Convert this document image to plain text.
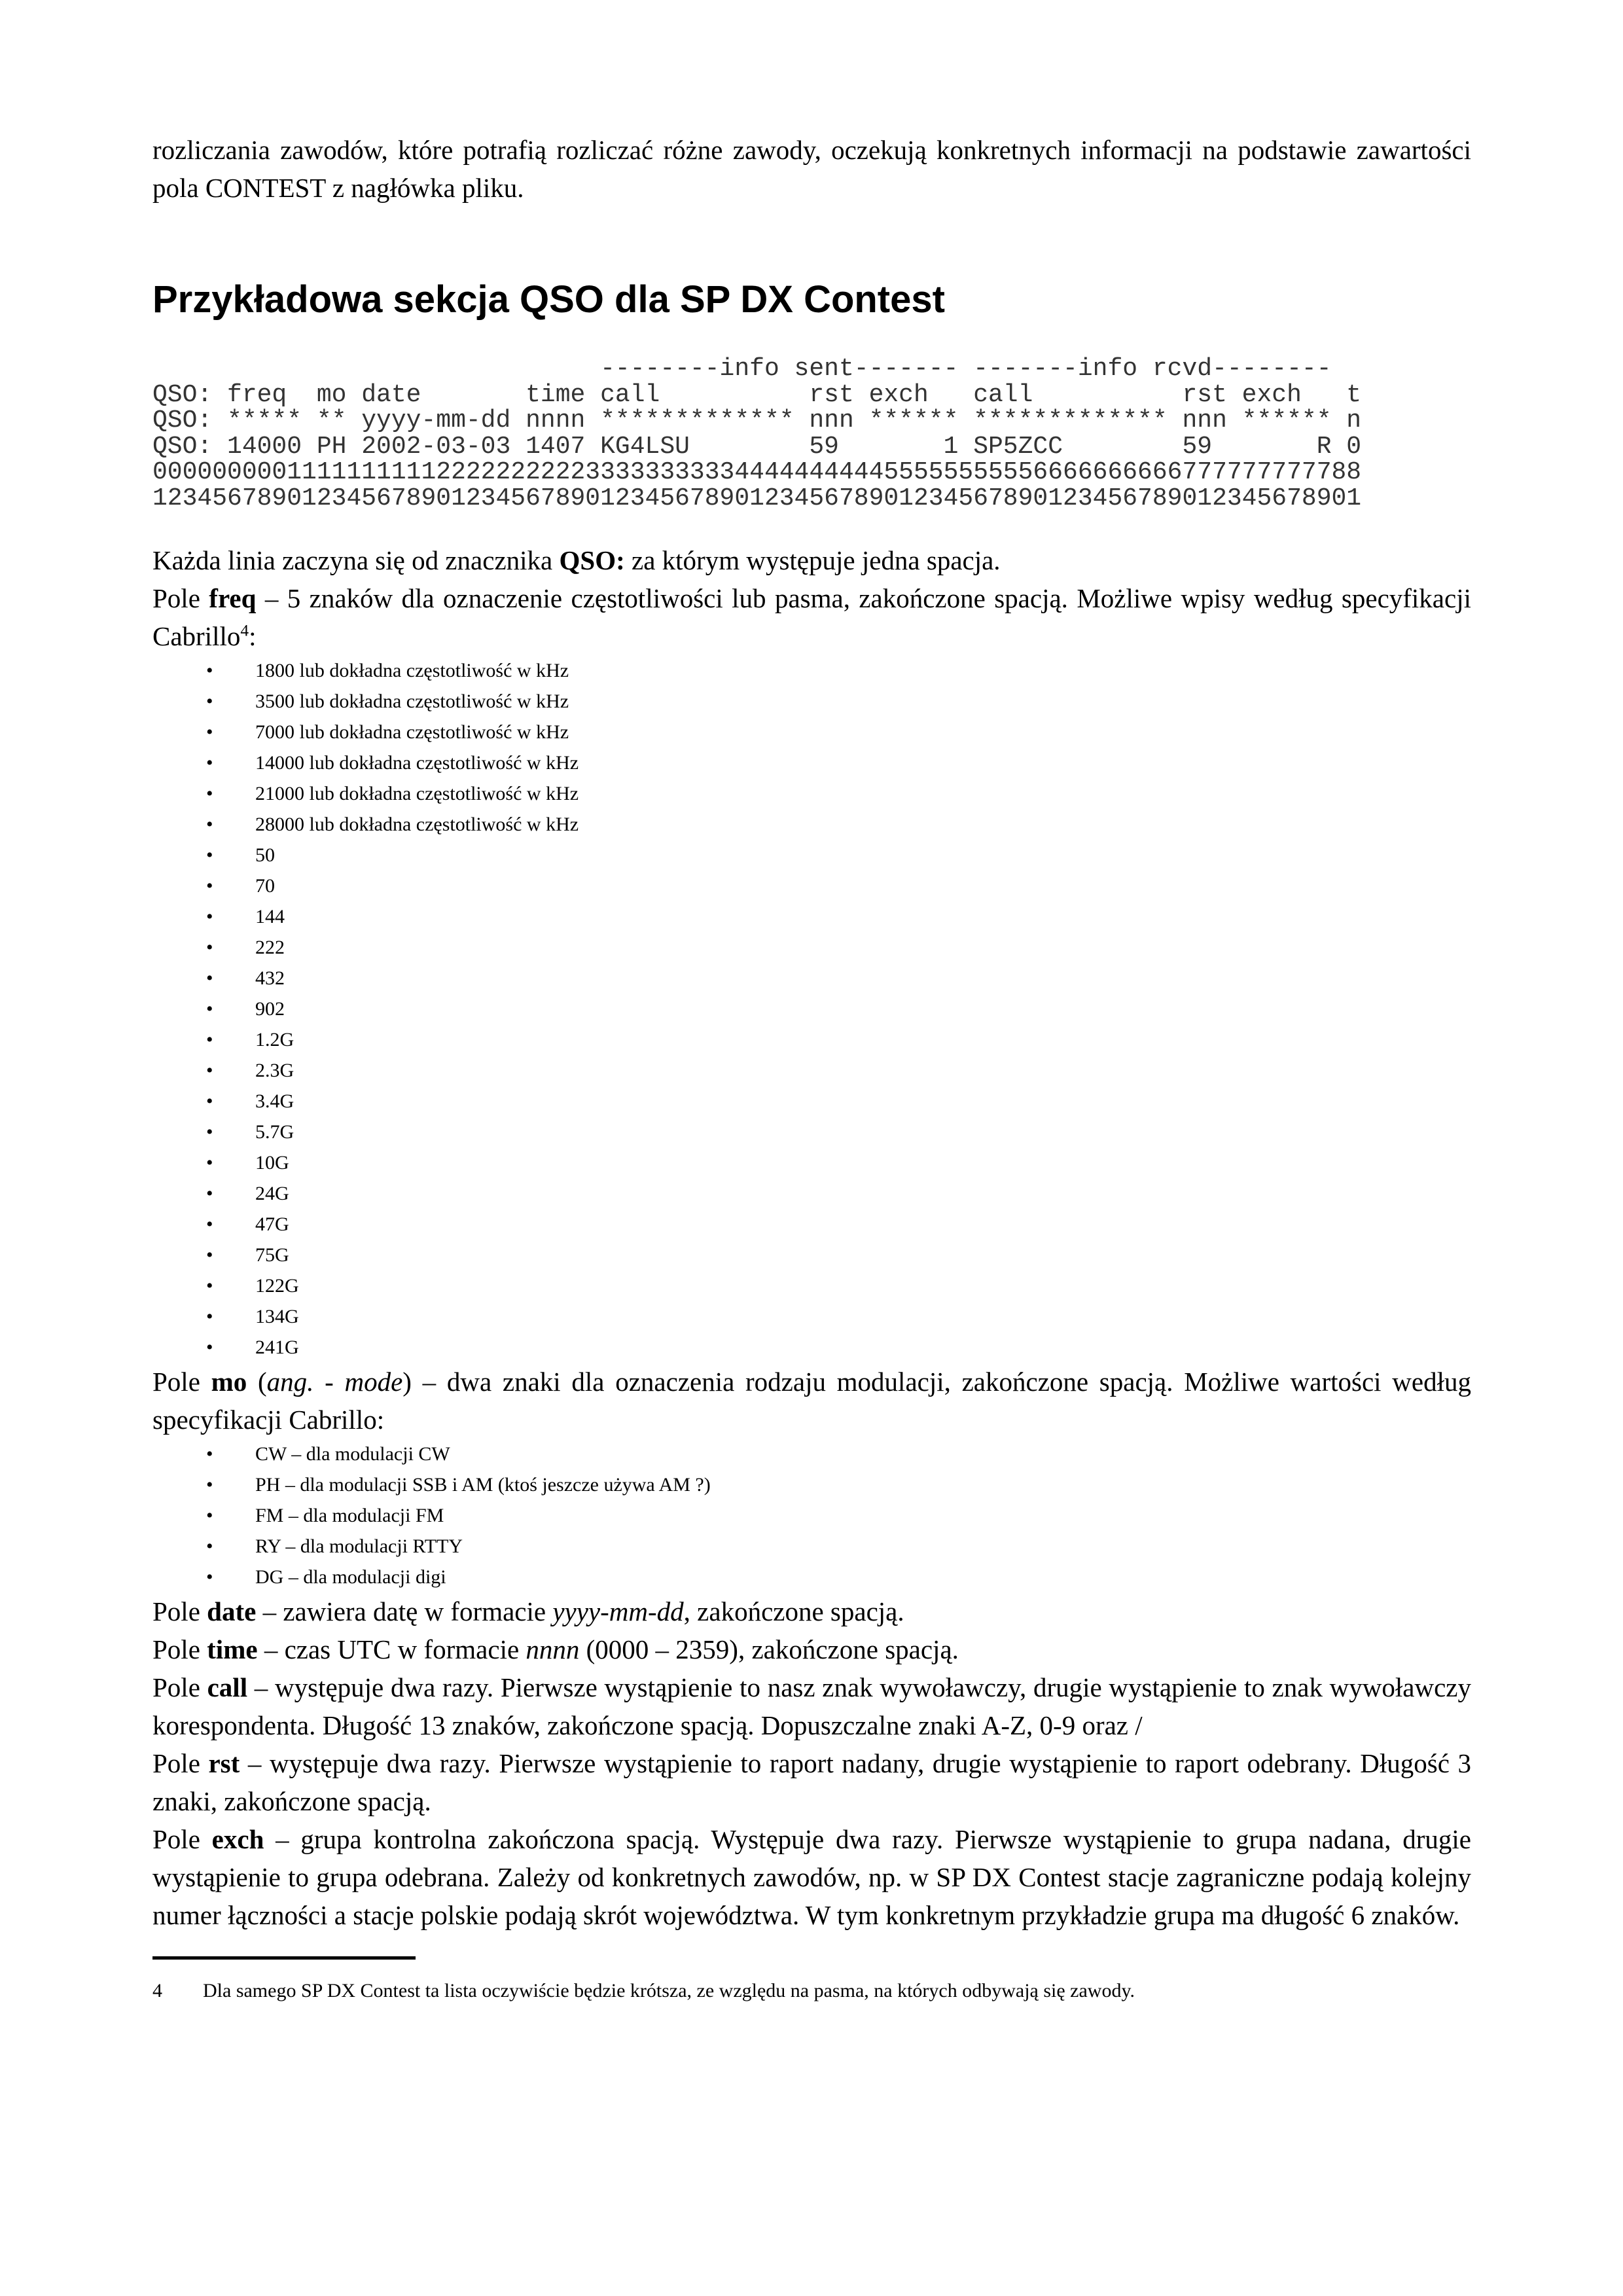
rozliczania zawodów, które potrafią rozliczać różne zawody, oczekują konkretnych informacji na podstawie zawartości pola CONTEST z nagłówka pliku.

Przykładowa sekcja QSO dla SP DX Contest
--------info sent------- -------info rcvd--------
QSO: freq  mo date       time call          rst exch   call          rst exch   t
QSO: ***** ** yyyy-mm-dd nnnn ************* nnn ****** ************* nnn ****** n
QSO: 14000 PH 2002-03-03 1407 KG4LSU        59       1 SP5ZCC        59       R 0
000000000111111111122222222223333333333444444444455555555556666666666777777777788
123456789012345678901234567890123456789012345678901234567890123456789012345678901

Każda linia zaczyna się od znacznika QSO: za którym występuje jedna spacja.

Pole freq – 5 znaków dla oznaczenie częstotliwości lub pasma, zakończone spacją. Możliwe wpisy według specyfikacji Cabrillo$^4$:

• 1800 lub dokładna częstotliwość w kHz
• 3500 lub dokładna częstotliwość w kHz
• 7000 lub dokładna częstotliwość w kHz
• 14000 lub dokładna częstotliwość w kHz
• 21000 lub dokładna częstotliwość w kHz
• 28000 lub dokładna częstotliwość w kHz
• 50
• 70
• 144
• 222
• 432
• 902
• 1.2G
• 2.3G
• 3.4G
• 5.7G
• 10G
• 24G
• 47G
• 75G
• 122G
• 134G
• 241G

Pole mo (ang. - mode) – dwa znaki dla oznaczenia rodzaju modulacji, zakończone spacją. Możliwe wartości według specyfikacji Cabrillo:

• CW – dla modulacji CW
• PH – dla modulacji SSB i AM (ktoś jeszcze używa AM ?)
• FM – dla modulacji FM
• RY – dla modulacji RTTY
• DG – dla modulacji digi

Pole date – zawiera datę w formacie yyyy-mm-dd, zakończone spacją.

Pole time – czas UTC w formacie nnnn (0000 – 2359), zakończone spacją.

Pole call – występuje dwa razy. Pierwsze wystąpienie to nasz znak wywoławczy, drugie wystąpienie to znak wywoławczy korespondenta. Długość 13 znaków, zakończone spacją. Dopuszczalne znaki A-Z, 0-9 oraz /

Pole rst – występuje dwa razy. Pierwsze wystąpienie to raport nadany, drugie wystąpienie to raport odebrany. Długość 3 znaki, zakończone spacją.

Pole exch – grupa kontrolna zakończona spacją. Występuje dwa razy. Pierwsze wystąpienie to grupa nadana, drugie wystąpienie to grupa odebrana. Zależy od konkretnych zawodów, np. w SP DX Contest stacje zagraniczne podają kolejny numer łączności a stacje polskie podają skrót województwa. W tym konkretnym przykładzie grupa ma długość 6 znaków.

4 Dla samego SP DX Contest ta lista oczywiście będzie krótsza, ze względu na pasma, na których odbywają się zawody.
